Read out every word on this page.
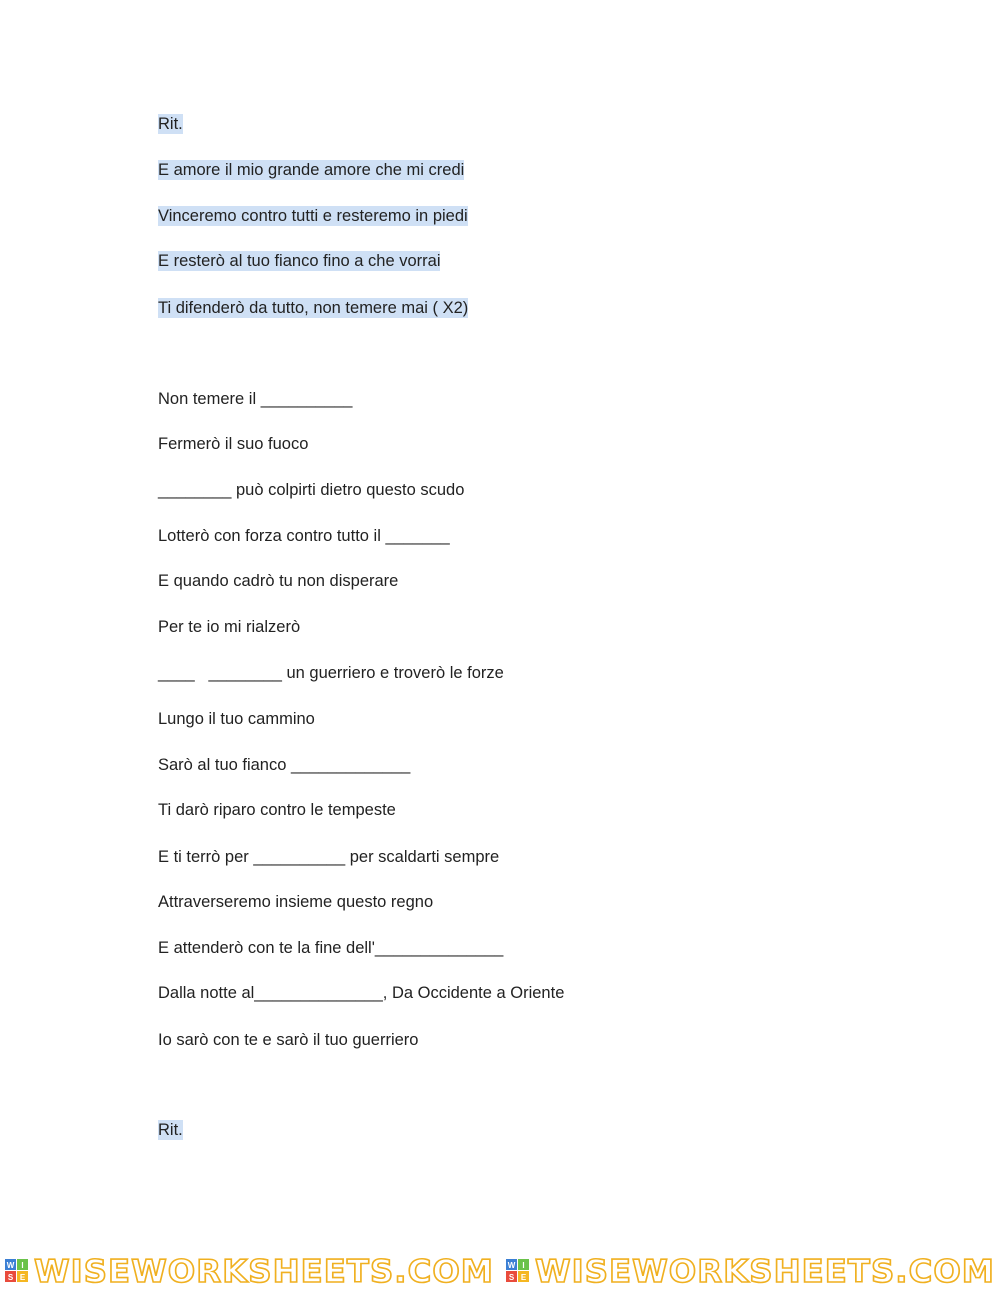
Rit.
E amore il mio grande amore che mi credi
Vinceremo contro tutti e resteremo in piedi
E resterò al tuo fianco fino a che vorrai
Ti difenderò da tutto, non temere mai ( X2)
Non temere il __________
Fermerò il suo fuoco
________ può colpirti dietro questo scudo
Lotterò con forza contro tutto il _______
E quando cadrò tu non disperare
Per te io mi rialzerò
____   ________ un guerriero e troverò le forze
Lungo il tuo cammino
Sarò al tuo fianco _____________
Ti darò riparo contro le tempeste
E ti terrò per __________ per scaldarti sempre
Attraverseremo insieme questo regno
E attenderò con te la fine dell'______________
Dalla notte al______________, Da Occidente a Oriente
Io sarò con te e sarò il tuo guerriero
Rit.
W I
S E WISEWORKSHEETS.COM W I
S E WISEWORKSHEETS.COM
